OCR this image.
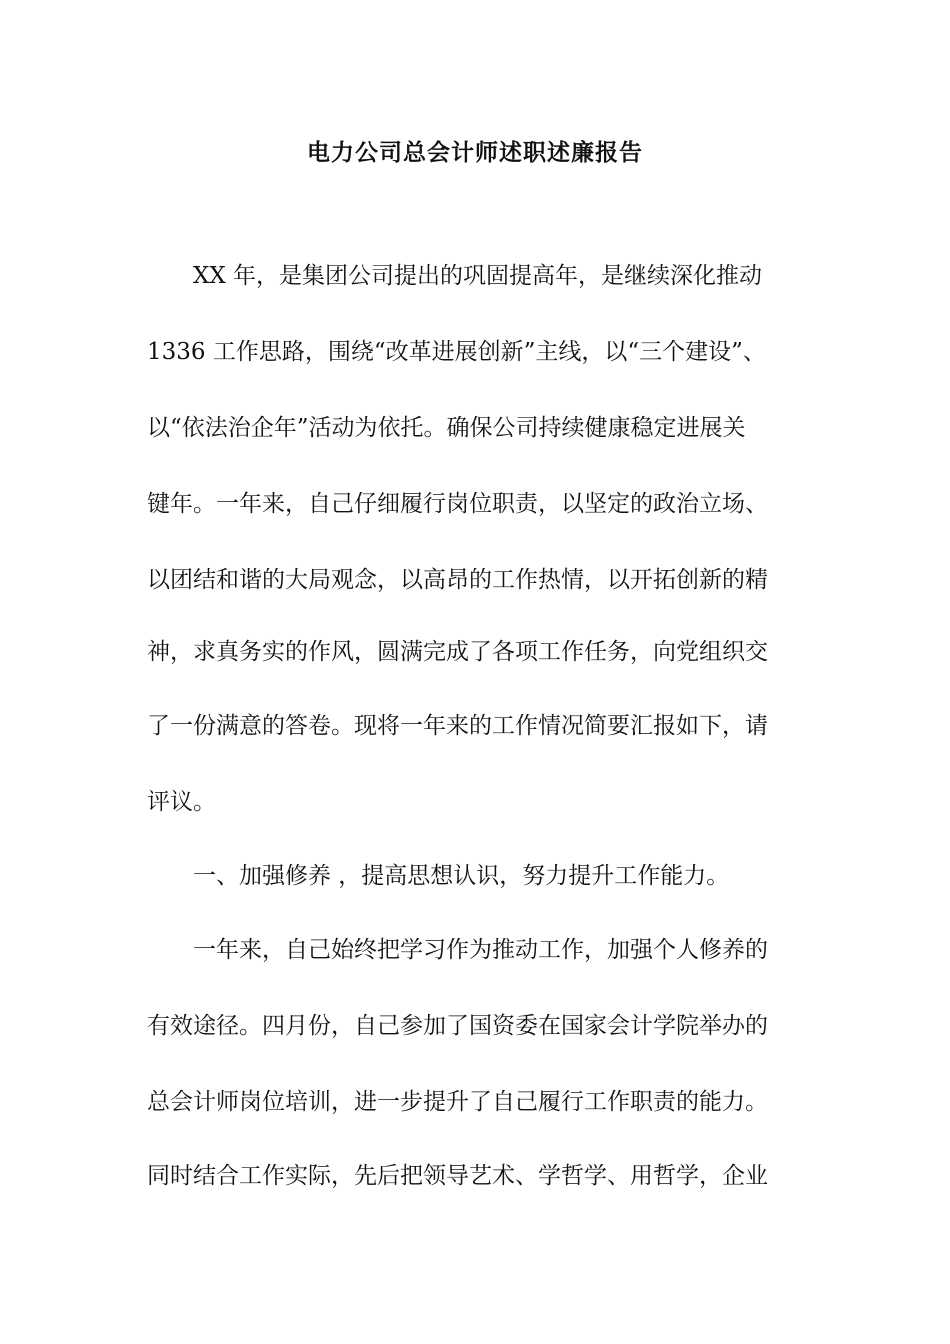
电力公司总会计师述职述廉报告
XX 年，是集团公司提出的巩固提高年，是继续深化推动
1336 工作思路，围绕“改革进展创新”主线，以“三个建设”、
以“依法治企年”活动为依托。确保公司持续健康稳定进展关
键年。一年来，自己仔细履行岗位职责，以坚定的政治立场、
以团结和谐的大局观念，以高昂的工作热情，以开拓创新的精
神，求真务实的作风，圆满完成了各项工作任务，向党组织交
了一份满意的答卷。现将一年来的工作情况简要汇报如下，请
评议。
一、加强修养 ，提高思想认识，努力提升工作能力。
一年来，自己始终把学习作为推动工作，加强个人修养的
有效途径。四月份，自己参加了国资委在国家会计学院举办的
总会计师岗位培训，进一步提升了自己履行工作职责的能力。
同时结合工作实际，先后把领导艺术、学哲学、用哲学，企业
